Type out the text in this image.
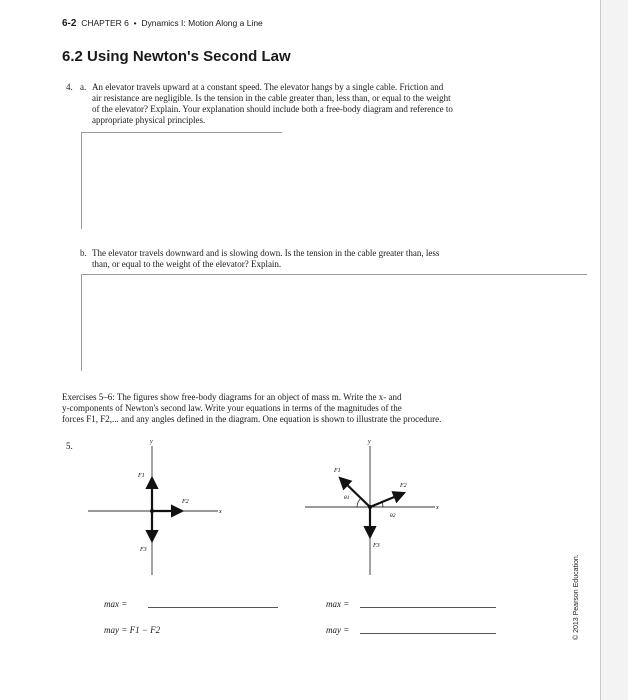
6-2 CHAPTER 6 • Dynamics I: Motion Along a Line
6.2 Using Newton's Second Law
4. a. An elevator travels upward at a constant speed. The elevator hangs by a single cable. Friction and
air resistance are negligible. Is the tension in the cable greater than, less than, or equal to the weight
of the elevator? Explain. Your explanation should include both a free-body diagram and reference to
appropriate physical principles.
b. The elevator travels downward and is slowing down. Is the tension in the cable greater than, less
than, or equal to the weight of the elevator? Explain.
Exercises 5–6: The figures show free-body diagrams for an object of mass m. Write the x- and
y-components of Newton's second law. Write your equations in terms of the magnitudes of the
forces F1, F2,... and any angles defined in the diagram. One equation is shown to illustrate the procedure.
5.
x
y
F1
F2
F3
x
y
F1
F2
F3
θ1
θ2
max =
may = F1 − F2
max =
may =	© 2013 Pearson Education.
